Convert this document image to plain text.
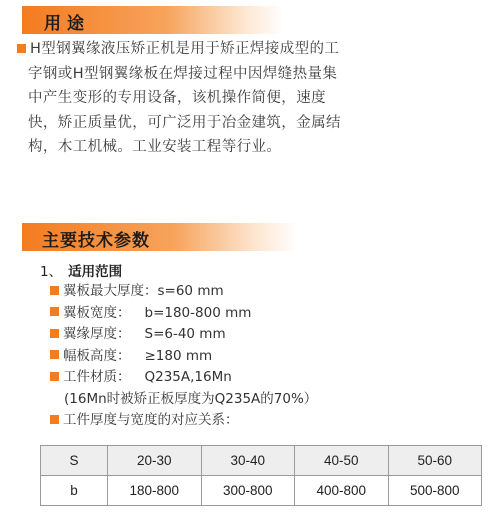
用途
H型钢翼缘液压矫正机是用于矫正焊接成型的工
字钢或H型钢翼缘板在焊接过程中因焊缝热量集
中产生变形的专用设备，该机操作简便，速度
快，矫正质量优，可广泛用于冶金建筑，金属结
构，木工机械。工业安装工程等行业。
主要技术参数
1、 适用范围
翼板最大厚度：s=60 mm
翼板宽度： b=180-800 mm
翼缘厚度： S=6-40 mm
幅板高度： ≥180 mm
工件材质： Q235A,16Mn
(16Mn时被矫正板厚度为Q235A的70%）
工件厚度与宽度的对应关系：
S	20-30	30-40	40-50	50-60
b	180-800	300-800	400-800	500-800
